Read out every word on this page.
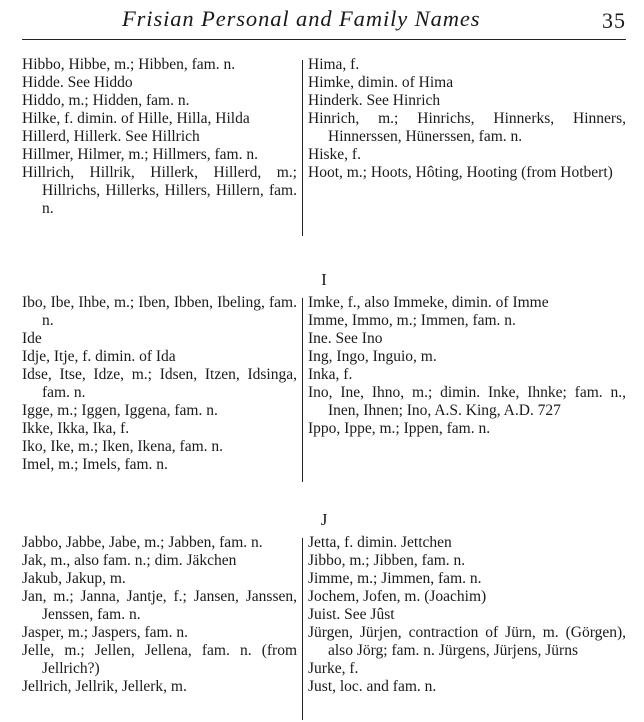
Frisian Personal and Family Names	35
Hibbo, Hibbe, m.; Hibben, fam. n.
Hidde. See Hiddo
Hiddo, m.; Hidden, fam. n.
Hilke, f. dimin. of Hille, Hilla, Hilda
Hillerd, Hillerk. See Hillrich
Hillmer, Hilmer, m.; Hillmers, fam. n.
Hillrich, Hillrik, Hillerk, Hillerd, m.; Hillrichs, Hillerks, Hillers, Hillern, fam. n.
Hima, f.
Himke, dimin. of Hima
Hinderk. See Hinrich
Hinrich, m.; Hinrichs, Hinnerks, Hinners, Hinnerssen, Hünerssen, fam. n.
Hiske, f.
Hoot, m.; Hoots, Hôting, Hooting (from Hotbert)
I
Ibo, Ibe, Ihbe, m.; Iben, Ibben, Ibeling, fam. n.
Ide
Idje, Itje, f. dimin. of Ida
Idse, Itse, Idze, m.; Idsen, Itzen, Idsinga, fam. n.
Igge, m.; Iggen, Iggena, fam. n.
Ikke, Ikka, Ika, f.
Iko, Ike, m.; Iken, Ikena, fam. n.
Imel, m.; Imels, fam. n.
Imke, f., also Immeke, dimin. of Imme
Imme, Immo, m.; Immen, fam. n.
Ine. See Ino
Ing, Ingo, Inguio, m.
Inka, f.
Ino, Ine, Ihno, m.; dimin. Inke, Ihnke; fam. n., Inen, Ihnen; Ino, A.S. King, A.D. 727
Ippo, Ippe, m.; Ippen, fam. n.
J
Jabbo, Jabbe, Jabe, m.; Jabben, fam. n.
Jak, m., also fam. n.; dim. Jäkchen
Jakub, Jakup, m.
Jan, m.; Janna, Jantje, f.; Jansen, Janssen, Jenssen, fam. n.
Jasper, m.; Jaspers, fam. n.
Jelle, m.; Jellen, Jellena, fam. n. (from Jellrich?)
Jellrich, Jellrik, Jellerk, m.
Jetta, f. dimin. Jettchen
Jibbo, m.; Jibben, fam. n.
Jimme, m.; Jimmen, fam. n.
Jochem, Jofen, m. (Joachim)
Juist. See Jûst
Jürgen, Jürjen, contraction of Jürn, m. (Görgen), also Jörg; fam. n. Jürgens, Jürjens, Jürns
Jurke, f.
Just, loc. and fam. n.
